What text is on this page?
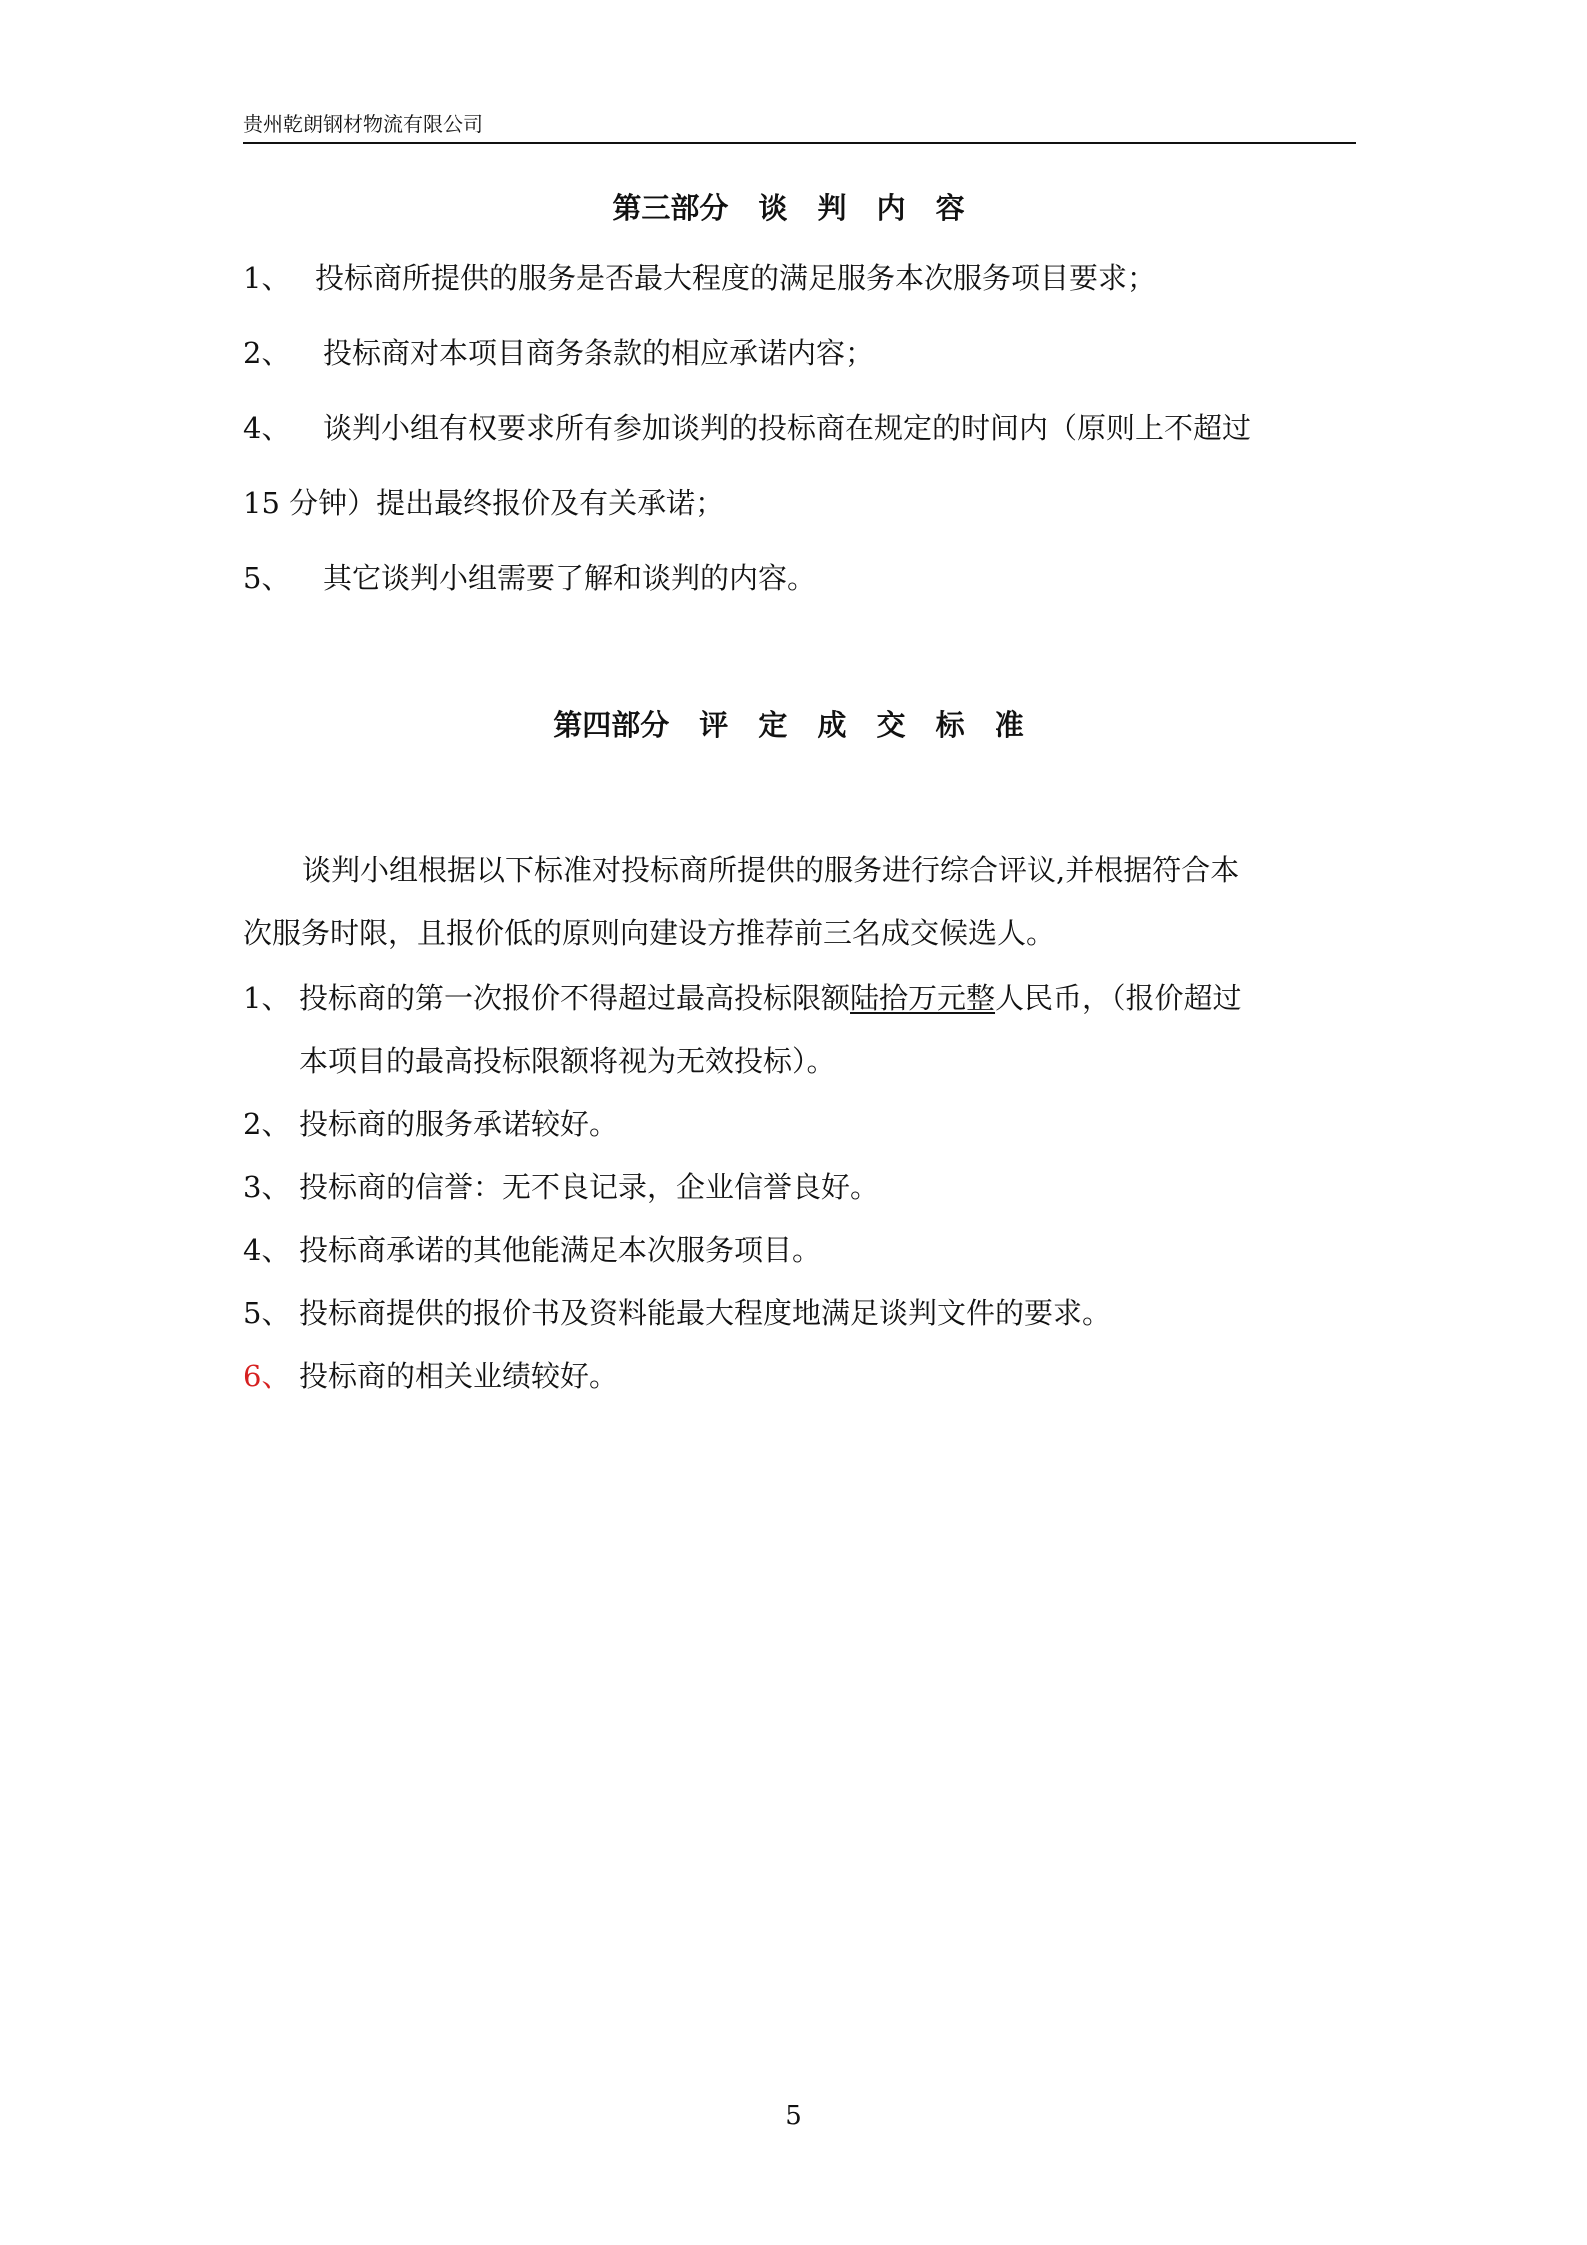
贵州乾朗钢材物流有限公司
第三部分 谈 判 内 容
1、 投标商所提供的服务是否最大程度的满足服务本次服务项目要求；
2、 投标商对本项目商务条款的相应承诺内容；
4、 谈判小组有权要求所有参加谈判的投标商在规定的时间内（原则上不超过
15 分钟）提出最终报价及有关承诺；
5、 其它谈判小组需要了解和谈判的内容。
第四部分 评 定 成 交 标 准
谈判小组根据以下标准对投标商所提供的服务进行综合评议,并根据符合本
次服务时限，且报价低的原则向建设方推荐前三名成交候选人。
1、 投标商的第一次报价不得超过最高投标限额陆拾万元整人民币，（报价超过
本项目的最高投标限额将视为无效投标）。
2、 投标商的服务承诺较好。
3、 投标商的信誉：无不良记录，企业信誉良好。
4、 投标商承诺的其他能满足本次服务项目。
5、 投标商提供的报价书及资料能最大程度地满足谈判文件的要求。
6、 投标商的相关业绩较好。
5
